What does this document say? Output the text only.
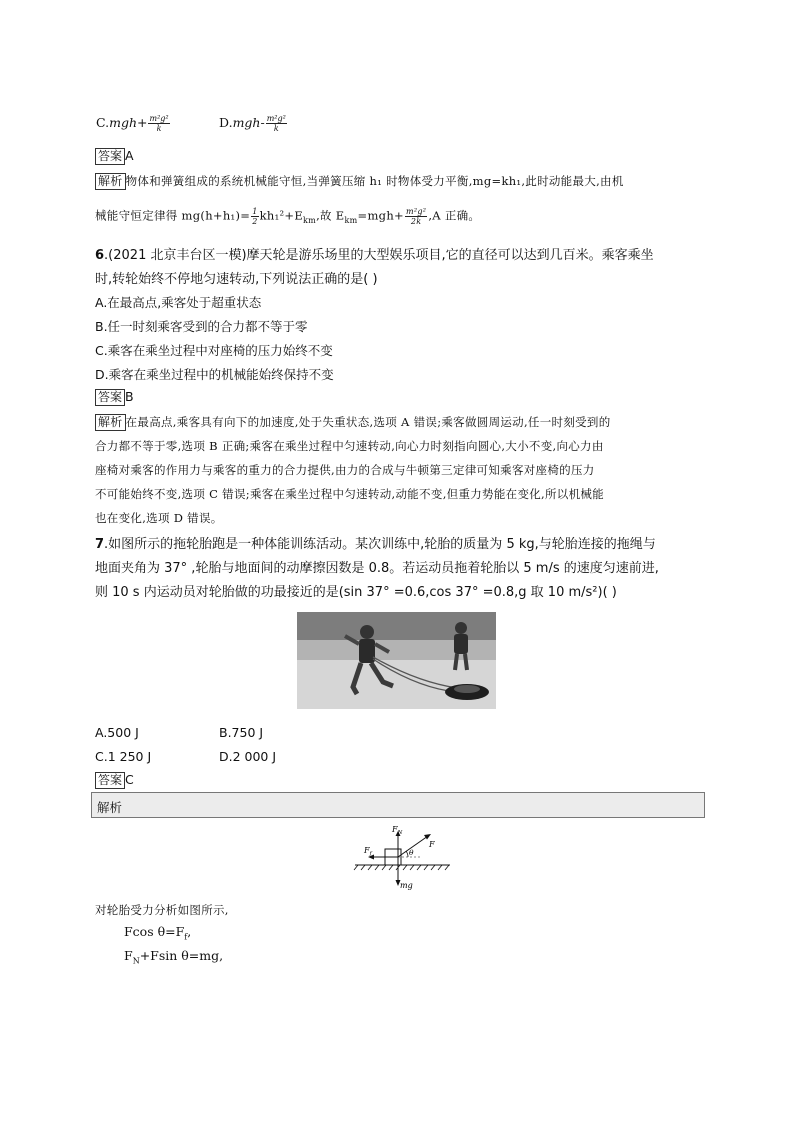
$C.mgh+ \frac{\text{m²g²}}{k}$	$D.mgh- \frac{\text{m²g²}}{k}$
答案 A
解析 物体和弹簧组成的系统机械能守恒,当弹簧压缩 h₁ 时物体受力平衡,mg=kh₁,此时动能最大,由机
械能守恒定律得 $mg(h+h_1)= \frac{1}{2} kh_1^2+E_{km}$,故 $E_{km}=mgh+ \frac{\text{m²g²}}{2k} ,A$ 正确。
6.(2021 北京丰台区一模)摩天轮是游乐场里的大型娱乐项目,它的直径可以达到几百米。乘客乘坐
时,转轮始终不停地匀速转动,下列说法正确的是( )
A.在最高点,乘客处于超重状态
B.任一时刻乘客受到的合力都不等于零
C.乘客在乘坐过程中对座椅的压力始终不变
D.乘客在乘坐过程中的机械能始终保持不变
答案 B
解析 在最高点,乘客具有向下的加速度,处于失重状态,选项 A 错误;乘客做圆周运动,任一时刻受到的
合力都不等于零,选项 B 正确;乘客在乘坐过程中匀速转动,向心力时刻指向圆心,大小不变,向心力由
座椅对乘客的作用力与乘客的重力的合力提供,由力的合成与牛顿第三定律可知乘客对座椅的压力
不可能始终不变,选项 C 错误;乘客在乘坐过程中匀速转动,动能不变,但重力势能在变化,所以机械能
也在变化,选项 D 错误。
7.如图所示的拖轮胎跑是一种体能训练活动。某次训练中,轮胎的质量为 5 kg,与轮胎连接的拖绳与
地面夹角为 37° ,轮胎与地面间的动摩擦因数是 0.8。若运动员拖着轮胎以 5 m/s 的速度匀速前进,
则 10 s 内运动员对轮胎做的功最接近的是(sin 37° =0.6,cos 37° =0.8,g 取 10 m/s²)( )
A.500 J	B.750 J
C.1 250 J	D.2 000 J
答案 C
解析
$F_N$
F
$F_f$	θ
mg
对轮胎受力分析如图所示,
Fcos $\theta=F_f$,
$F_N+Fsin$ θ=mg,
